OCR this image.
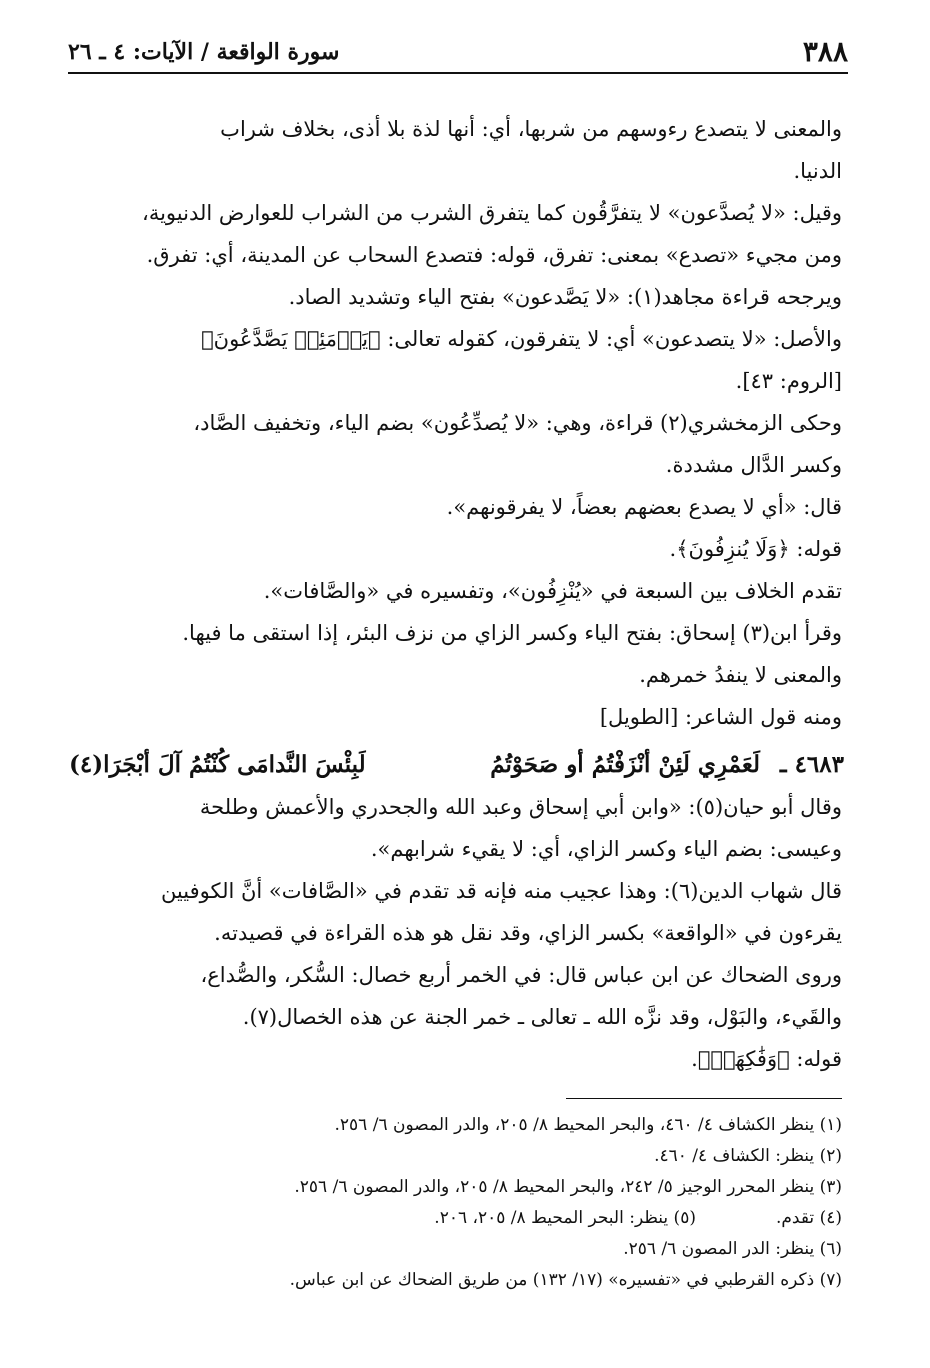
٣٨٨
سورة الواقعة / الآيات: ٤ ـ ٢٦

والمعنى لا يتصدع رءوسهم من شربها، أي: أنها لذة بلا أذى، بخلاف شراب
الدنيا.

وقيل: «لا يُصدَّعون» لا يتفرَّقُون كما يتفرق الشرب من الشراب للعوارض الدنيوية،
ومن مجيء «تصدع» بمعنى: تفرق، قوله: فتصدع السحاب عن المدينة، أي: تفرق.

ويرجحه قراءة مجاهد(١): «لا يَصَّدعون» بفتح الياء وتشديد الصاد.

والأصل: «لا يتصدعون» أي: لا يتفرقون، كقوله تعالى: ﴿يَوۡمَئِذٖ يَصَّدَّعُونَ﴾
[الروم: ٤٣].

وحكى الزمخشري(٢) قراءة، وهي: «لا يُصدِّعُون» بضم الياء، وتخفيف الصَّاد،
وكسر الدَّال مشددة.

قال: «أي لا يصدع بعضهم بعضاً، لا يفرقونهم».

قوله: ﴿وَلَا يُنزِفُونَ﴾.

تقدم الخلاف بين السبعة في «يُنْزِفُون»، وتفسيره في «والصَّافات».

وقرأ ابن(٣) إسحاق: بفتح الياء وكسر الزاي من نزف البئر، إذا استقى ما فيها.

والمعنى لا ينفدُ خمرهم.

ومنه قول الشاعر: [الطويل]

٤٦٨٣ ـ
لَعَمْرِي لَئِنْ أنْزَفْتُمُ أو صَحَوْتُمُ
لَبِئْسَ النَّدامَى كُنْتُمُ آلَ أبْجَرَا(٤)

وقال أبو حيان(٥): «وابن أبي إسحاق وعبد الله والجحدري والأعمش وطلحة
وعيسى: بضم الياء وكسر الزاي، أي: لا يقيء شرابهم».

قال شهاب الدين(٦): وهذا عجيب منه فإنه قد تقدم في «الصَّافات» أنَّ الكوفيين
يقرءون في «الواقعة» بكسر الزاي، وقد نقل هو هذه القراءة في قصيدته.

وروى الضحاك عن ابن عباس قال: في الخمر أربع خصال: السُّكر، والصُّداع،
والقَيء، والبَوْل، وقد نزَّه الله ـ تعالى ـ خمر الجنة عن هذه الخصال(٧).

قوله: ﴿وَفَٰكِهَةٖ﴾.

(١) ينظر الكشاف ٤/ ٤٦٠، والبحر المحيط ٨/ ٢٠٥، والدر المصون ٦/ ٢٥٦.
(٢) ينظر: الكشاف ٤/ ٤٦٠.
(٣) ينظر المحرر الوجيز ٥/ ٢٤٢، والبحر المحيط ٨/ ٢٠٥، والدر المصون ٦/ ٢٥٦.
(٤) تقدم.(٥) ينظر: البحر المحيط ٨/ ٢٠٥، ٢٠٦.
(٦) ينظر: الدر المصون ٦/ ٢٥٦.
(٧) ذكره القرطبي في «تفسيره» (١٧/ ١٣٢) من طريق الضحاك عن ابن عباس.
